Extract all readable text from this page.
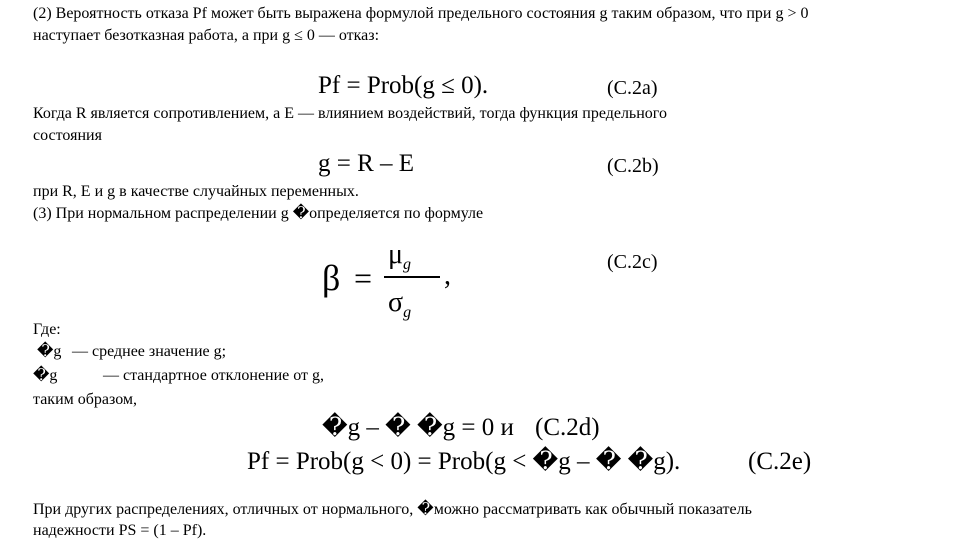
(2) Вероятность отказа Pf может быть выражена формулой предельного состояния g таким образом, что при g > 0
наступает безотказная работа, а при g ≤ 0 — отказ:
Pf = Prob(g ≤ 0).	(C.2a)
Когда R является сопротивлением, а E — влиянием воздействий, тогда функция предельного
состояния
g = R – E	(C.2b)
при R, E и g в качестве случайных переменных.
(3) При нормальном распределении g �определяется по формуле
β =
$\mu_g$
$\sigma_g$
,	(C.2c)
Где:
�g — среднее значение g;
�g	— стандартное отклонение от g,
таким образом,
�g – � �g = 0 и (C.2d)
Pf = Prob(g < 0) = Prob(g < �g – � �g).	(C.2e)
При других распределениях, отличных от нормального, �можно рассматривать как обычный показатель
надежности PS = (1 – Pf).
